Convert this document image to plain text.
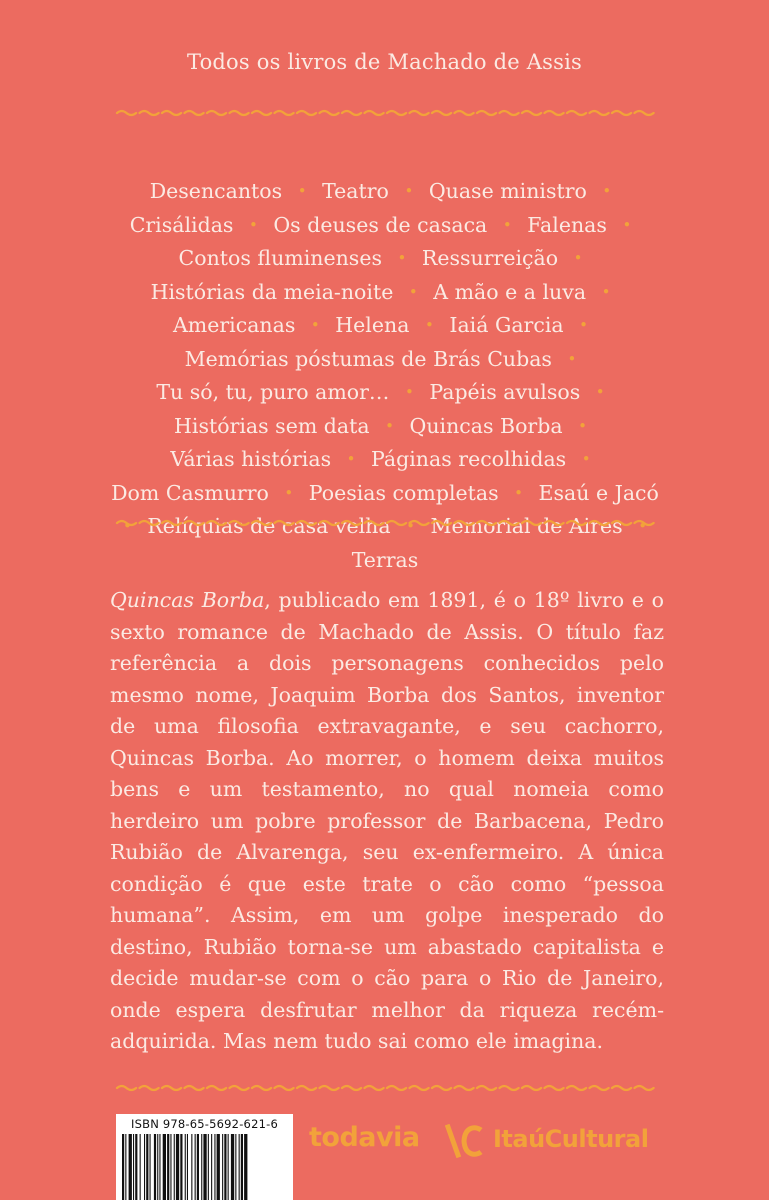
Todos os livros de Machado de Assis
Desencantos • Teatro • Quase ministro • Crisálidas • Os deuses de casaca • Falenas • Contos fluminenses • Ressurreição • Histórias da meia-noite • A mão e a luva • Americanas • Helena • Iaiá Garcia • Memórias póstumas de Brás Cubas • Tu só, tu, puro amor… • Papéis avulsos • Histórias sem data • Quincas Borba • Várias histórias • Páginas recolhidas • Dom Casmurro • Poesias completas • Esaú e Jacó • Relíquias de casa velha • Memorial de Aires • Terras
Quincas Borba, publicado em 1891, é o 18º livro e o sexto romance de Machado de Assis. O título faz referência a dois personagens conhecidos pelo mesmo nome, Joaquim Borba dos Santos, inventor de uma filosofia extravagante, e seu cachorro, Quincas Borba. Ao morrer, o homem deixa muitos bens e um testamento, no qual nomeia como herdeiro um pobre professor de Barbacena, Pedro Rubião de Alvarenga, seu ex-enfermeiro. A única condição é que este trate o cão como “pessoa humana”. Assim, em um golpe inesperado do destino, Rubião torna-se um abastado capitalista e decide mudar-se com o cão para o Rio de Janeiro, onde espera desfrutar melhor da riqueza recém-adquirida. Mas nem tudo sai como ele imagina.
ISBN 978-65-5692-621-6	todavia	ItaúCultural
